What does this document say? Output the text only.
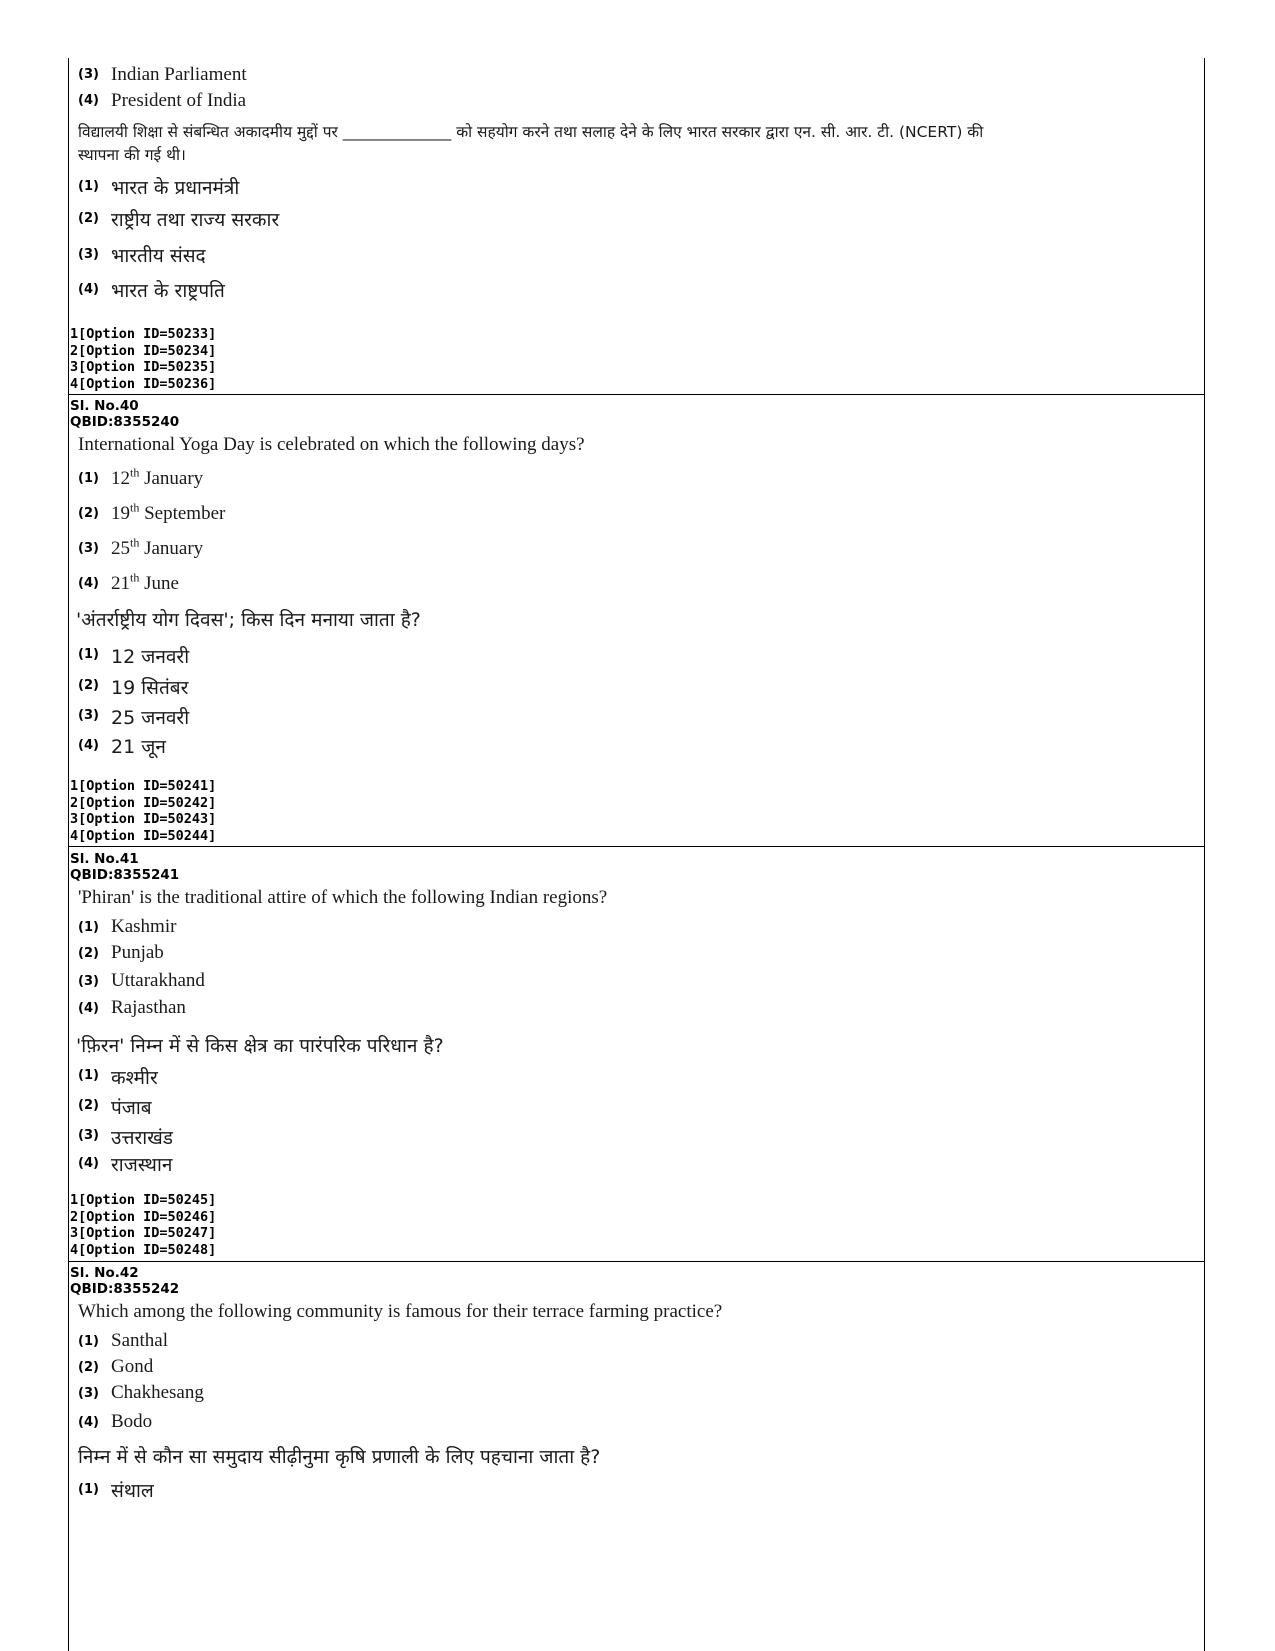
(3) Indian Parliament
(4) President of India
विद्यालयी शिक्षा से संबन्धित अकादमीय मुद्दों पर ______________ को सहयोग करने तथा सलाह देने के लिए भारत सरकार द्वारा एन. सी. आर. टी. (NCERT) की
स्थापना की गई थी।
(1) भारत के प्रधानमंत्री
(2) राष्ट्रीय तथा राज्य सरकार
(3) भारतीय संसद
(4) भारत के राष्ट्रपति
1[Option ID=50233]
2[Option ID=50234]
3[Option ID=50235]
4[Option ID=50236]
Sl. No.40
QBID:8355240
International Yoga Day is celebrated on which the following days?
(1) 12th January
(2) 19th September
(3) 25th January
(4) 21th June
'अंतर्राष्ट्रीय योग दिवस'; किस दिन मनाया जाता है?
(1) 12 जनवरी
(2) 19 सितंबर
(3) 25 जनवरी
(4) 21 जून
1[Option ID=50241]
2[Option ID=50242]
3[Option ID=50243]
4[Option ID=50244]
Sl. No.41
QBID:8355241
'Phiran' is the traditional attire of which the following Indian regions?
(1) Kashmir
(2) Punjab
(3) Uttarakhand
(4) Rajasthan
'फ़िरन' निम्न में से किस क्षेत्र का पारंपरिक परिधान है?
(1) कश्मीर
(2) पंजाब
(3) उत्तराखंड
(4) राजस्थान
1[Option ID=50245]
2[Option ID=50246]
3[Option ID=50247]
4[Option ID=50248]
Sl. No.42
QBID:8355242
Which among the following community is famous for their terrace farming practice?
(1) Santhal
(2) Gond
(3) Chakhesang
(4) Bodo
निम्न में से कौन सा समुदाय सीढ़ीनुमा कृषि प्रणाली के लिए पहचाना जाता है?
(1) संथाल
